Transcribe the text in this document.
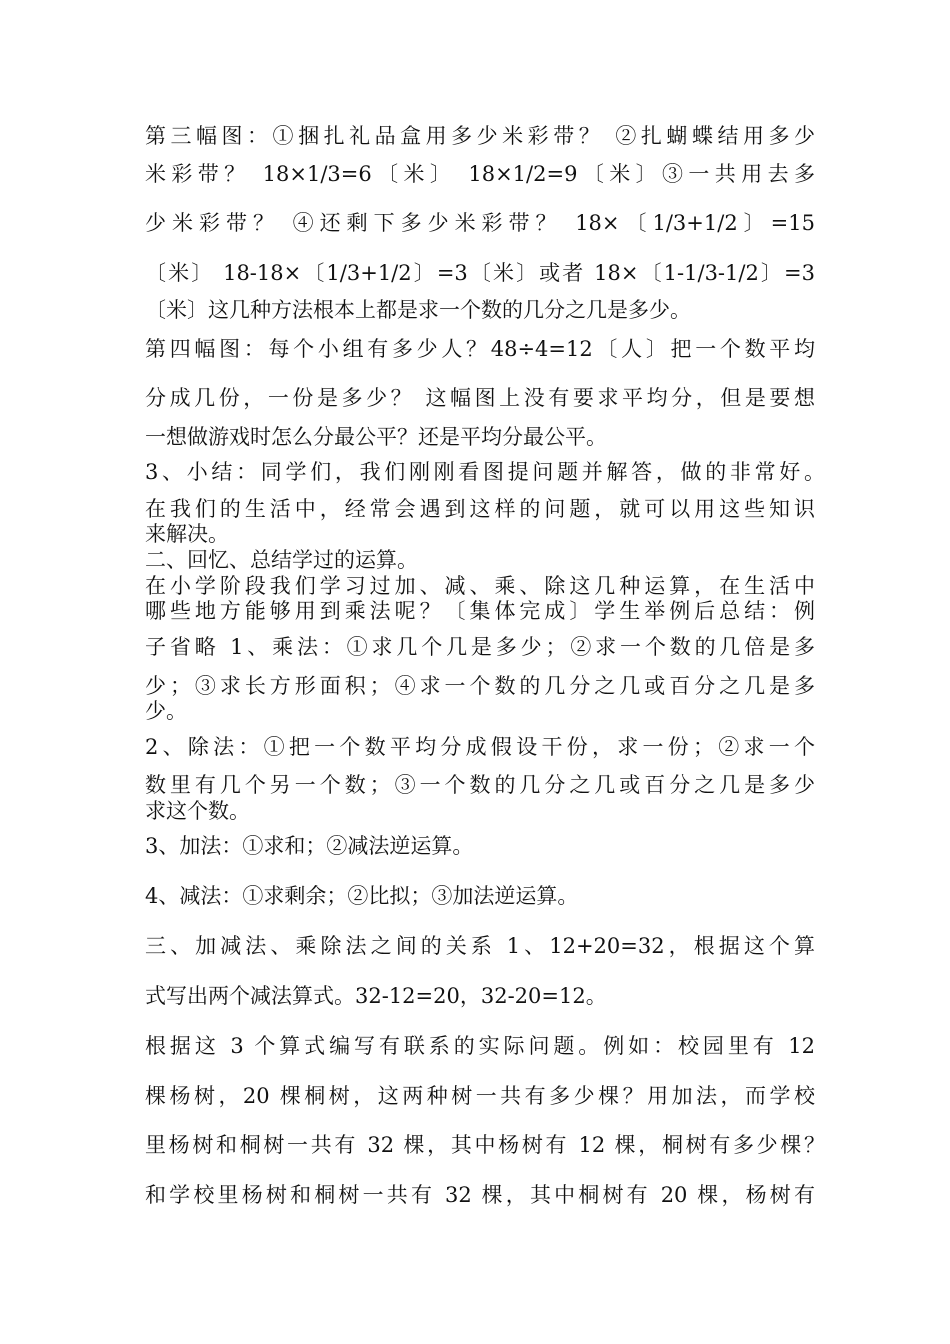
第三幅图：①捆扎礼品盒用多少米彩带？ ②扎蝴蝶结用多少
米彩带？ 18×1/3=6〔米〕 18×1/2=9〔米〕③一共用去多
少米彩带？ ④还剩下多少米彩带？ 18×〔1/3+1/2〕=15
〔米〕 18-18×〔1/3+1/2〕=3〔米〕或者 18×〔1-1/3-1/2〕=3
〔米〕这几种方法根本上都是求一个数的几分之几是多少。
第四幅图：每个小组有多少人？48÷4=12〔人〕把一个数平均
分成几份，一份是多少？ 这幅图上没有要求平均分，但是要想
一想做游戏时怎么分最公平？还是平均分最公平。
3、小结：同学们，我们刚刚看图提问题并解答，做的非常好。
在我们的生活中，经常会遇到这样的问题，就可以用这些知识
来解决。
二、回忆、总结学过的运算。
在小学阶段我们学习过加、减、乘、除这几种运算，在生活中
哪些地方能够用到乘法呢？〔集体完成〕学生举例后总结：例
子省略 1、乘法：①求几个几是多少；②求一个数的几倍是多
少；③求长方形面积；④求一个数的几分之几或百分之几是多
少。
2、除法：①把一个数平均分成假设干份，求一份；②求一个
数里有几个另一个数；③一个数的几分之几或百分之几是多少
求这个数。
3、加法：①求和；②减法逆运算。
4、减法：①求剩余；②比拟；③加法逆运算。
三、加减法、乘除法之间的关系 1、12+20=32，根据这个算
式写出两个减法算式。32-12=20，32-20=12。
根据这 3 个算式编写有联系的实际问题。例如：校园里有 12
棵杨树，20 棵桐树，这两种树一共有多少棵？用加法，而学校
里杨树和桐树一共有 32 棵，其中杨树有 12 棵，桐树有多少棵？
和学校里杨树和桐树一共有 32 棵，其中桐树有 20 棵，杨树有
